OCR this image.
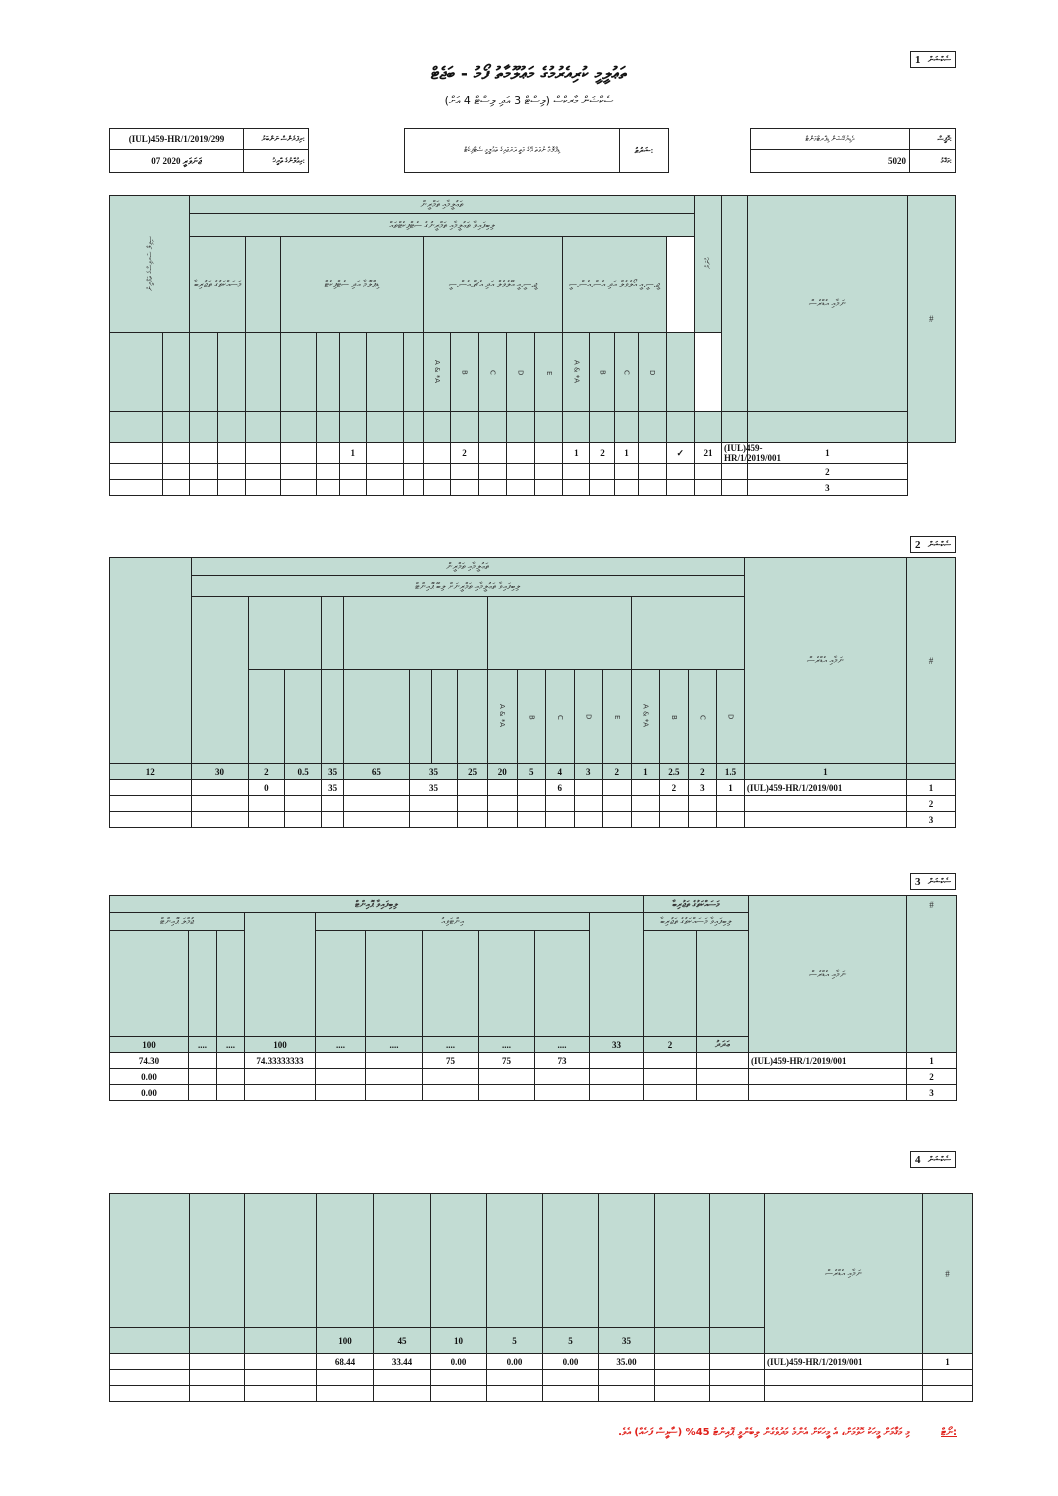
ތަޢުލީމީ ކުރިއެރުމުގެ މަޢުލޫމާތު ފޯމު - ބަޖެޓް
ސެކްޝަން މާރކްސް (ލިސްޓް 3 އަދި ލިސްޓް 4 އަށް)
1 ސެކްޝަން
(IUL)459-HR/1/2019/299	ރިފަރެންސް ނަންބަރު:
07 ޖަނަވަރީ 2020	އިޢުލާނުގެ ތާރީޚު:
ޑިޕްލޮމާ ނުވަތަ އޭގެ މަތީ ދަރަޖައިގެ ތަޢުލީމީ ސެޓްފިކެޓް	ޝަރުޠު:
އެޑިޔުކޭޝަން ޑިޕާރޓްމަންޓް	އޮފީސް:
5020	މަޤާމު:
ސިވިލް ސަރވިސްގެ ތަމްރީނު		ތަޢުލީމާއި ތަމްރީން																		ހުނަރު		ނަމާއި އެޑްރެސް	#
		ލިބިފައިވާ ތަޢުލީމާއި ތަމްރީނުގެ ސެޓްފިކެޓްތައް																					
		މަސައްކަތުގެ ތަޖުރިބާ			ޑިޕްލޮމާ އަދި ސެޓްފިކެޓް					ޖީ.ސީ.އީ އޭލެވެލް އަދި އެޗް.އެސް.ސީ					ޖީ.ސީ.އީ އޯލެވެލް އަދި އެސް.އެސް.ސީ							
										A & *A	B	C	D	E	A & *A	B	C	D					

							1				2				1	2	1		✓	21	(IUL)459-HR/1/2019/001	1	
																						2	
																						3	
2 ސެކްޝަން
	ތަޢުލީމާއި ތަމްރީން																	ނަމާއި އެޑްރެސް	#
	ލިބިފައިވާ ތަޢުލީމާއި ތަމްރީނަށް ލިބޭ ޕޮއިންޓް																		

									A & *A	B	C	D	E	A & *A	B	C	D		
12	30	2	0.5	35	65	35		25	20	5	4	3	2	1	2.5	2	1.5	1	
		0		35		35					6				2	3	1	(IUL)459-HR/1/2019/001	1
																			2
																			3
3 ސެކްޝަން
ލިބިފައިވާ ޕޮއިންޓް										މަސައްކަތުގެ ތަޖުރިބާ		ނަމާއި އެޑްރެސް	#
ޖުމްލަ ޕޮއިންޓް				އިންޓަވިއު						ލިބިފައިވާ މަސައްކަތުގެ ތަޖުރިބާ			

100	....	....	100	....	....	....	....	....	33	2	ޢަދަދު		
74.30			74.33333333			75	75	73				(IUL)459-HR/1/2019/001	1
0.00													2
0.00													3
4 ސެކްޝަން
											ނަމާއި އެޑްރެސް	#
			100	45	10	5	5	35				
			68.44	33.44	0.00	0.00	0.00	35.00			(IUL)459-HR/1/2019/001	1

މި މަޤާމަށް މީހަކު ހޮވުމަށް، އެ މީހަކަށް އެންމެ މަދުވެގެން ލިބެންވީ ޕޮއިންޓު 45% (ސާޅީސް ފަހެއް) އެވެ.	ނޯޓް:
